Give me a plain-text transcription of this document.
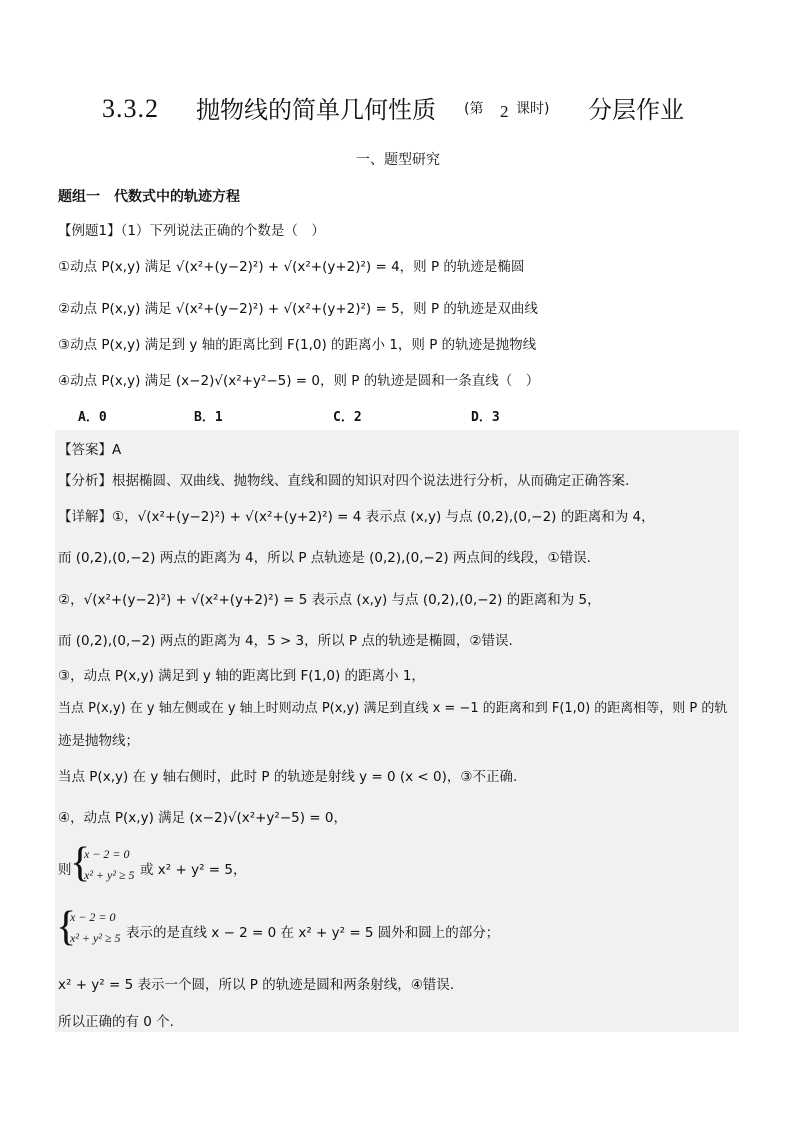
3.3.2 抛物线的简单几何性质 (第 2 课时) 分层作业
一、题型研究
题组一　代数式中的轨迹方程
【例题1】（1）下列说法正确的个数是（　）
①动点 P(x,y) 满足 √(x²+(y−2)²) + √(x²+(y+2)²) = 4，则 P 的轨迹是椭圆
②动点 P(x,y) 满足 √(x²+(y−2)²) + √(x²+(y+2)²) = 5，则 P 的轨迹是双曲线
③动点 P(x,y) 满足到 y 轴的距离比到 F(1,0) 的距离小 1，则 P 的轨迹是抛物线
④动点 P(x,y) 满足 (x−2)√(x²+y²−5) = 0，则 P 的轨迹是圆和一条直线（　）
A．0	B．1	C．2	D．3
【答案】A
【分析】根据椭圆、双曲线、抛物线、直线和圆的知识对四个说法进行分析，从而确定正确答案.
【详解】①，√(x²+(y−2)²) + √(x²+(y+2)²) = 4 表示点 (x,y) 与点 (0,2),(0,−2) 的距离和为 4，
而 (0,2),(0,−2) 两点的距离为 4，所以 P 点轨迹是 (0,2),(0,−2) 两点间的线段，①错误.
②，√(x²+(y−2)²) + √(x²+(y+2)²) = 5 表示点 (x,y) 与点 (0,2),(0,−2) 的距离和为 5，
而 (0,2),(0,−2) 两点的距离为 4，5 > 3，所以 P 点的轨迹是椭圆，②错误.
③，动点 P(x,y) 满足到 y 轴的距离比到 F(1,0) 的距离小 1，
当点 P(x,y) 在 y 轴左侧或在 y 轴上时则动点 P(x,y) 满足到直线 x = −1 的距离和到 F(1,0) 的距离相等，则 P 的轨
迹是抛物线；
当点 P(x,y) 在 y 轴右侧时，此时 P 的轨迹是射线 y = 0 (x < 0)，③不正确.
④，动点 P(x,y) 满足 (x−2)√(x²+y²−5) = 0，
则
{
x − 2 = 0
x² + y² ≥ 5 或 x² + y² = 5，
{
x − 2 = 0
x² + y² ≥ 5 表示的是直线 x − 2 = 0 在 x² + y² = 5 圆外和圆上的部分；
x² + y² = 5 表示一个圆，所以 P 的轨迹是圆和两条射线，④错误.
所以正确的有 0 个.
